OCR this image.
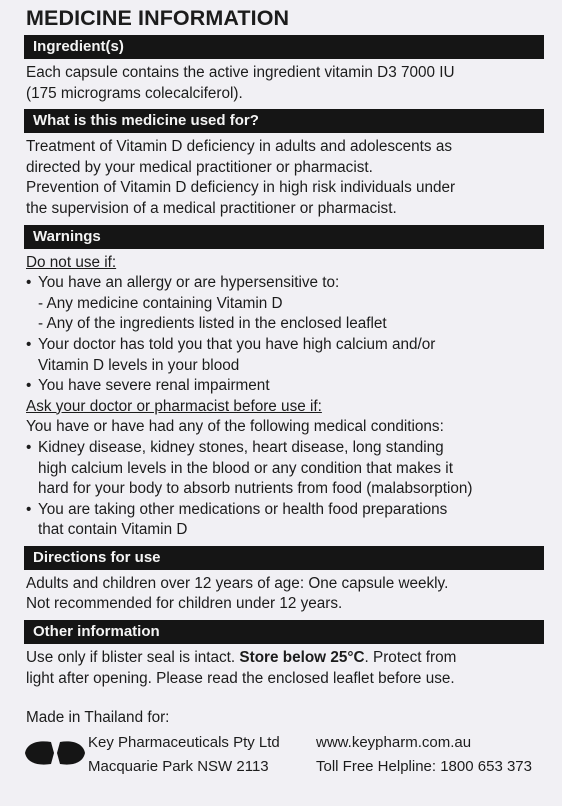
MEDICINE INFORMATION
Ingredient(s)

Each capsule contains the active ingredient vitamin D3 7000 IU

(175 micrograms colecalciferol).

What is this medicine used for?

Treatment of Vitamin D deficiency in adults and adolescents as

directed by your medical practitioner or pharmacist.

Prevention of Vitamin D deficiency in high risk individuals under

the supervision of a medical practitioner or pharmacist.

Warnings

Do not use if:

• You have an allergy or are hypersensitive to:
- Any medicine containing Vitamin D
- Any of the ingredients listed in the enclosed leaflet
• Your doctor has told you that you have high calcium and/or
Vitamin D levels in your blood
• You have severe renal impairment

Ask your doctor or pharmacist before use if:

You have or have had any of the following medical conditions:

• Kidney disease, kidney stones, heart disease, long standing
high calcium levels in the blood or any condition that makes it
hard for your body to absorb nutrients from food (malabsorption)
• You are taking other medications or health food preparations
that contain Vitamin D
Directions for use

Adults and children over 12 years of age: One capsule weekly.

Not recommended for children under 12 years.

Other information

Use only if blister seal is intact. Store below 25°C. Protect from

light after opening. Please read the enclosed leaflet before use.

Made in Thailand for:

Key Pharmaceuticals Pty Ltd
Macquarie Park NSW 2113
www.keypharm.com.au
Toll Free Helpline: 1800 653 373
